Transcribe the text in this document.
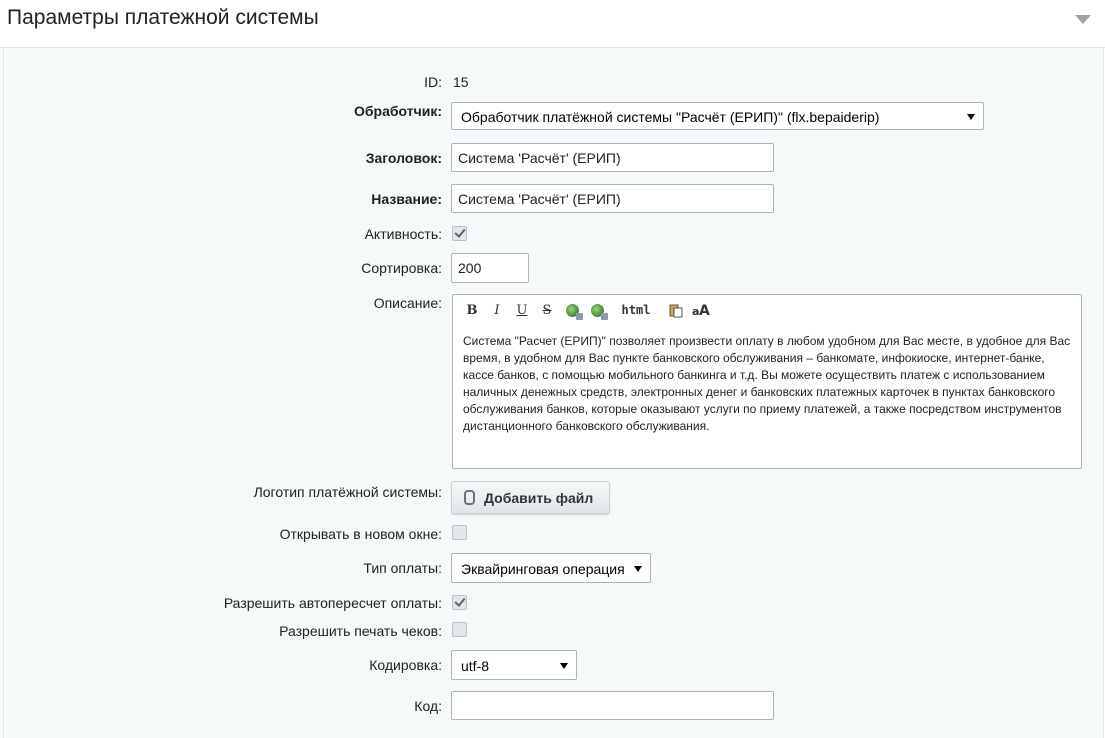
Параметры платежной системы
ID: 15
Обработчик:	Обработчик платёжной системы "Расчёт (ЕРИП)" (flx.bepaiderip)
Заголовок:
Система 'Расчёт' (ЕРИП)
Название:
Система 'Расчёт' (ЕРИП)
Активность:
Сортировка:
200
Описание:	B	I	U	S	html	a A
Система "Расчет (ЕРИП)" позволяет произвести оплату в любом удобном для Вас месте, в удобное для Вас время, в удобном для Вас пункте банковского обслуживания – банкомате, инфокиоске, интернет-банке, кассе банков, с помощью мобильного банкинга и т.д. Вы можете осуществить платеж с использованием наличных денежных средств, электронных денег и банковских платежных карточек в пунктах банковского обслуживания банков, которые оказывают услуги по приему платежей, а также посредством инструментов дистанционного банковского обслуживания.
Логотип платёжной системы:	Добавить файл
Открывать в новом окне:
Тип оплаты:	Эквайринговая операция
Разрешить автопересчет оплаты:
Разрешить печать чеков:
Кодировка:	utf-8
Код:
